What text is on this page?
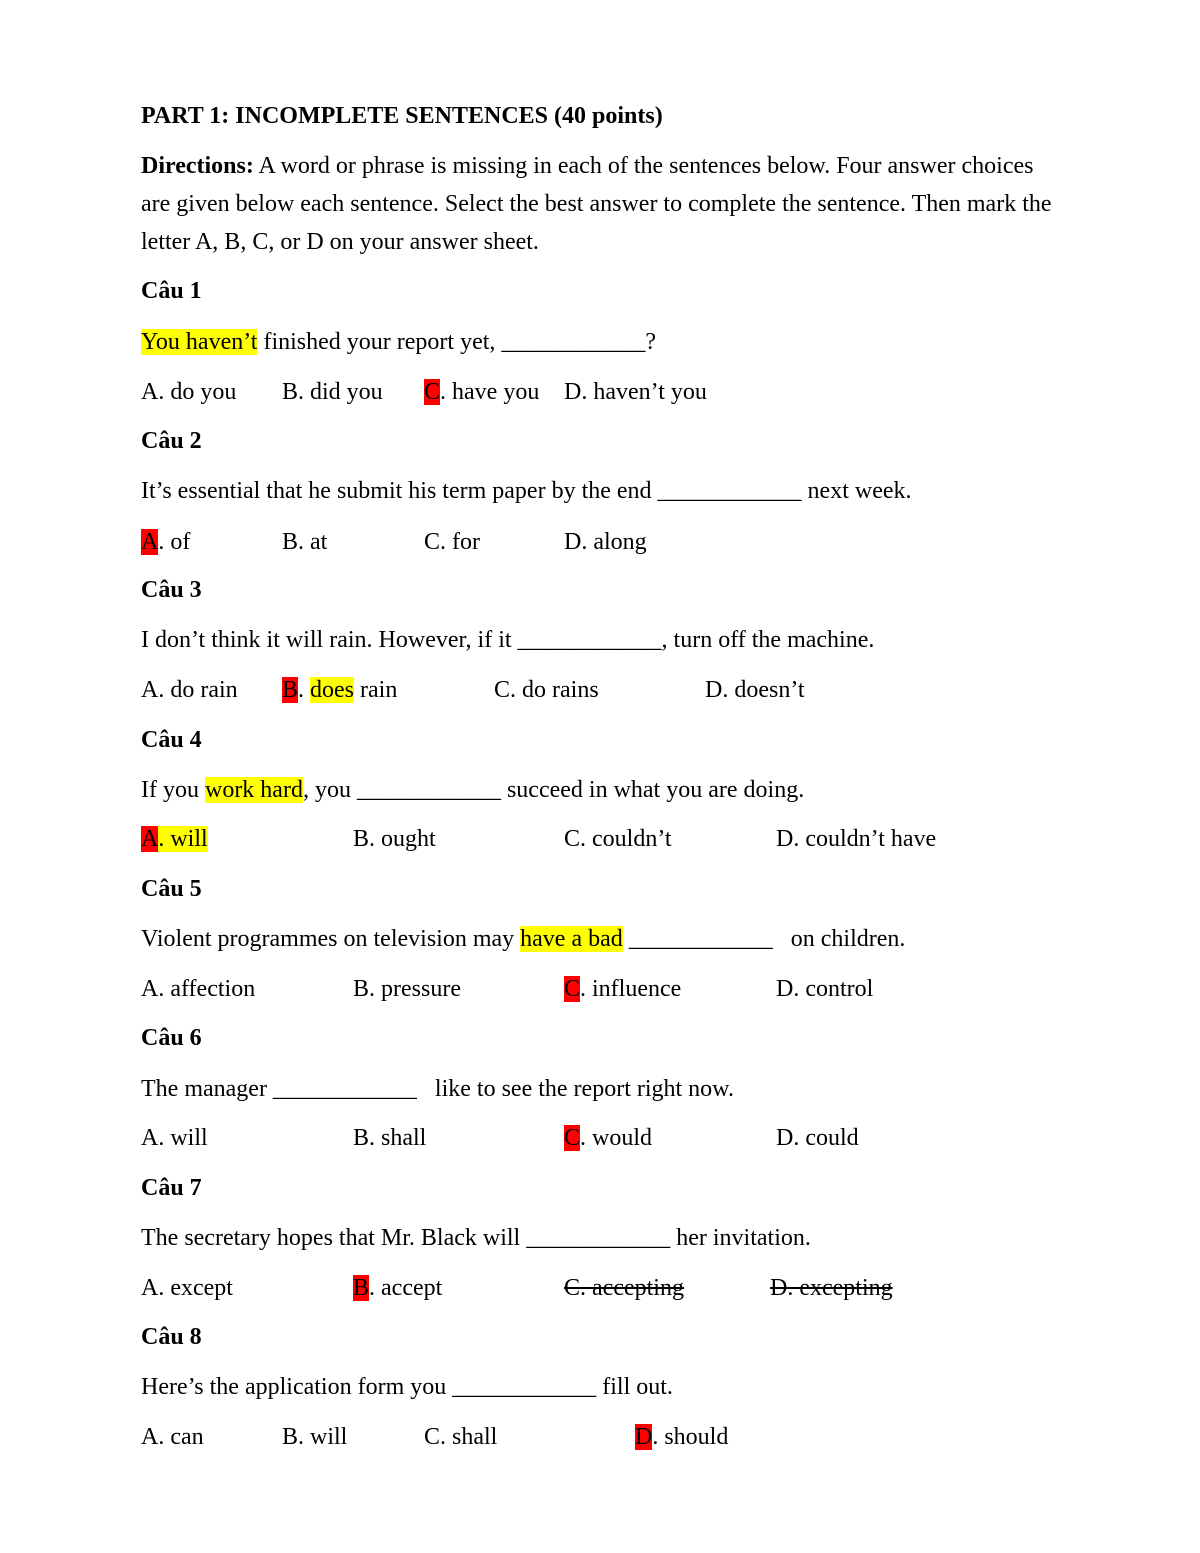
PART 1: INCOMPLETE SENTENCES (40 points)
Directions: A word or phrase is missing in each of the sentences below. Four answer choices
are given below each sentence. Select the best answer to complete the sentence. Then mark the
letter A, B, C, or D on your answer sheet.
Câu 1
You haven’t finished your report yet, ____________?
A. do you B. did you C. have you D. haven’t you
Câu 2
It’s essential that he submit his term paper by the end ____________ next week.
A. of	B. at	C. for	D. along
Câu 3
I don’t think it will rain. However, if it ____________, turn off the machine.
A. do rain B. does rain	C. do rains	D. doesn’t
Câu 4
If you work hard, you ____________ succeed in what you are doing.
A. will	B. ought	C. couldn’t	D. couldn’t have
Câu 5
Violent programmes on television may have a bad ____________   on children.
A. affection	B. pressure	C. influence	D. control
Câu 6
The manager ____________   like to see the report right now.
A. will	B. shall	C. would	D. could
Câu 7
The secretary hopes that Mr. Black will ____________ her invitation.
A. except	B. accept	C. accepting	D. excepting
Câu 8
Here’s the application form you ____________ fill out.
A. can	B. will	C. shall	D. should
